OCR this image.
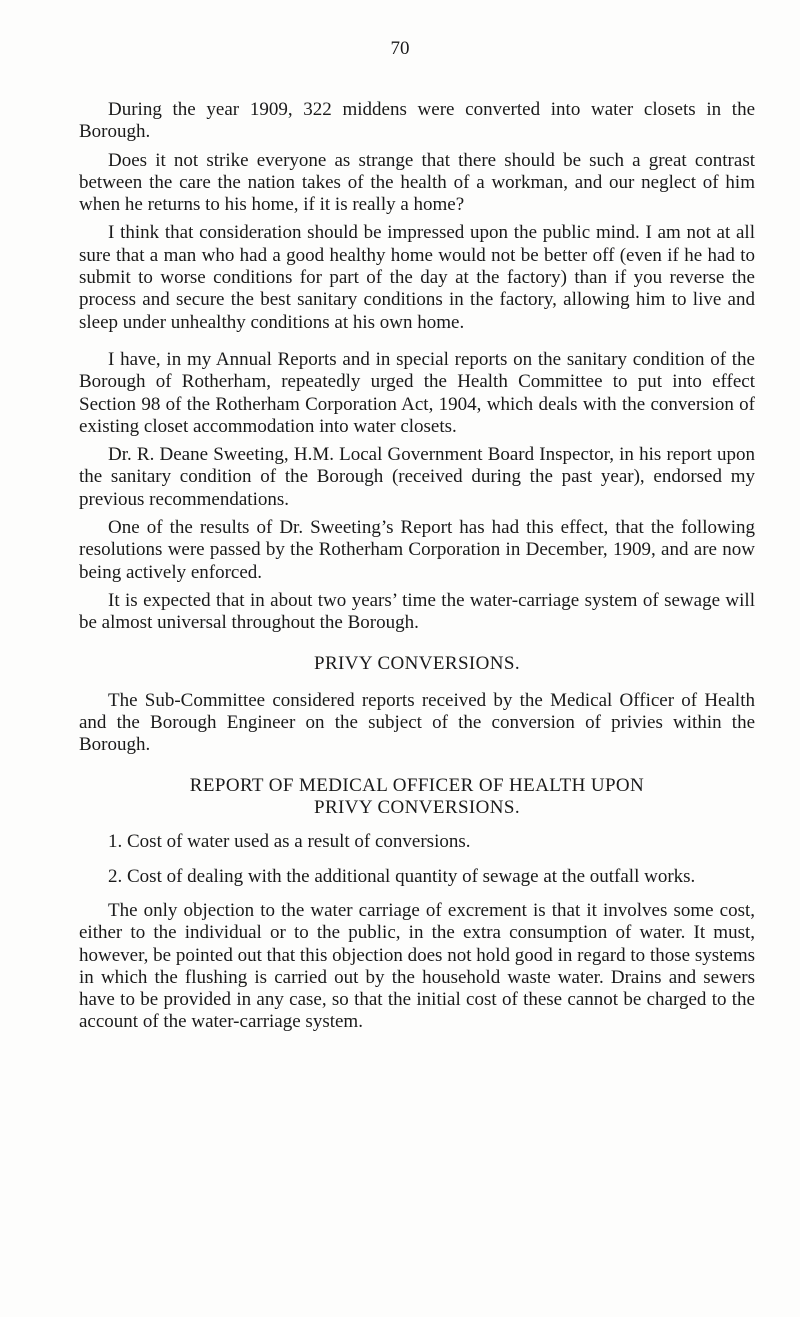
70

During the year 1909, 322 middens were converted into water closets in the Borough.

Does it not strike everyone as strange that there should be such a great contrast between the care the nation takes of the health of a workman, and our neglect of him when he returns to his home, if it is really a home?

I think that consideration should be impressed upon the public mind. I am not at all sure that a man who had a good healthy home would not be better off (even if he had to submit to worse conditions for part of the day at the factory) than if you reverse the process and secure the best sanitary conditions in the factory, allowing him to live and sleep under unhealthy conditions at his own home.

I have, in my Annual Reports and in special reports on the sanitary condition of the Borough of Rotherham, repeatedly urged the Health Committee to put into effect Section 98 of the Rotherham Corporation Act, 1904, which deals with the conversion of existing closet accommodation into water closets.

Dr. R. Deane Sweeting, H.M. Local Government Board Inspector, in his report upon the sanitary condition of the Borough (received during the past year), endorsed my previous recommendations.

One of the results of Dr. Sweeting’s Report has had this effect, that the following resolutions were passed by the Rotherham Corporation in December, 1909, and are now being actively enforced.

It is expected that in about two years’ time the water-carriage system of sewage will be almost universal throughout the Borough.

PRIVY CONVERSIONS.

The Sub-Committee considered reports received by the Medical Officer of Health and the Borough Engineer on the subject of the conversion of privies within the Borough.

REPORT OF MEDICAL OFFICER OF HEALTH UPON

PRIVY CONVERSIONS.

1. Cost of water used as a result of conversions.

2. Cost of dealing with the additional quantity of sewage at the outfall works.

The only objection to the water carriage of excrement is that it involves some cost, either to the individual or to the public, in the extra consumption of water. It must, however, be pointed out that this objection does not hold good in regard to those systems in which the flushing is carried out by the household waste water. Drains and sewers have to be provided in any case, so that the initial cost of these cannot be charged to the account of the water-carriage system.
